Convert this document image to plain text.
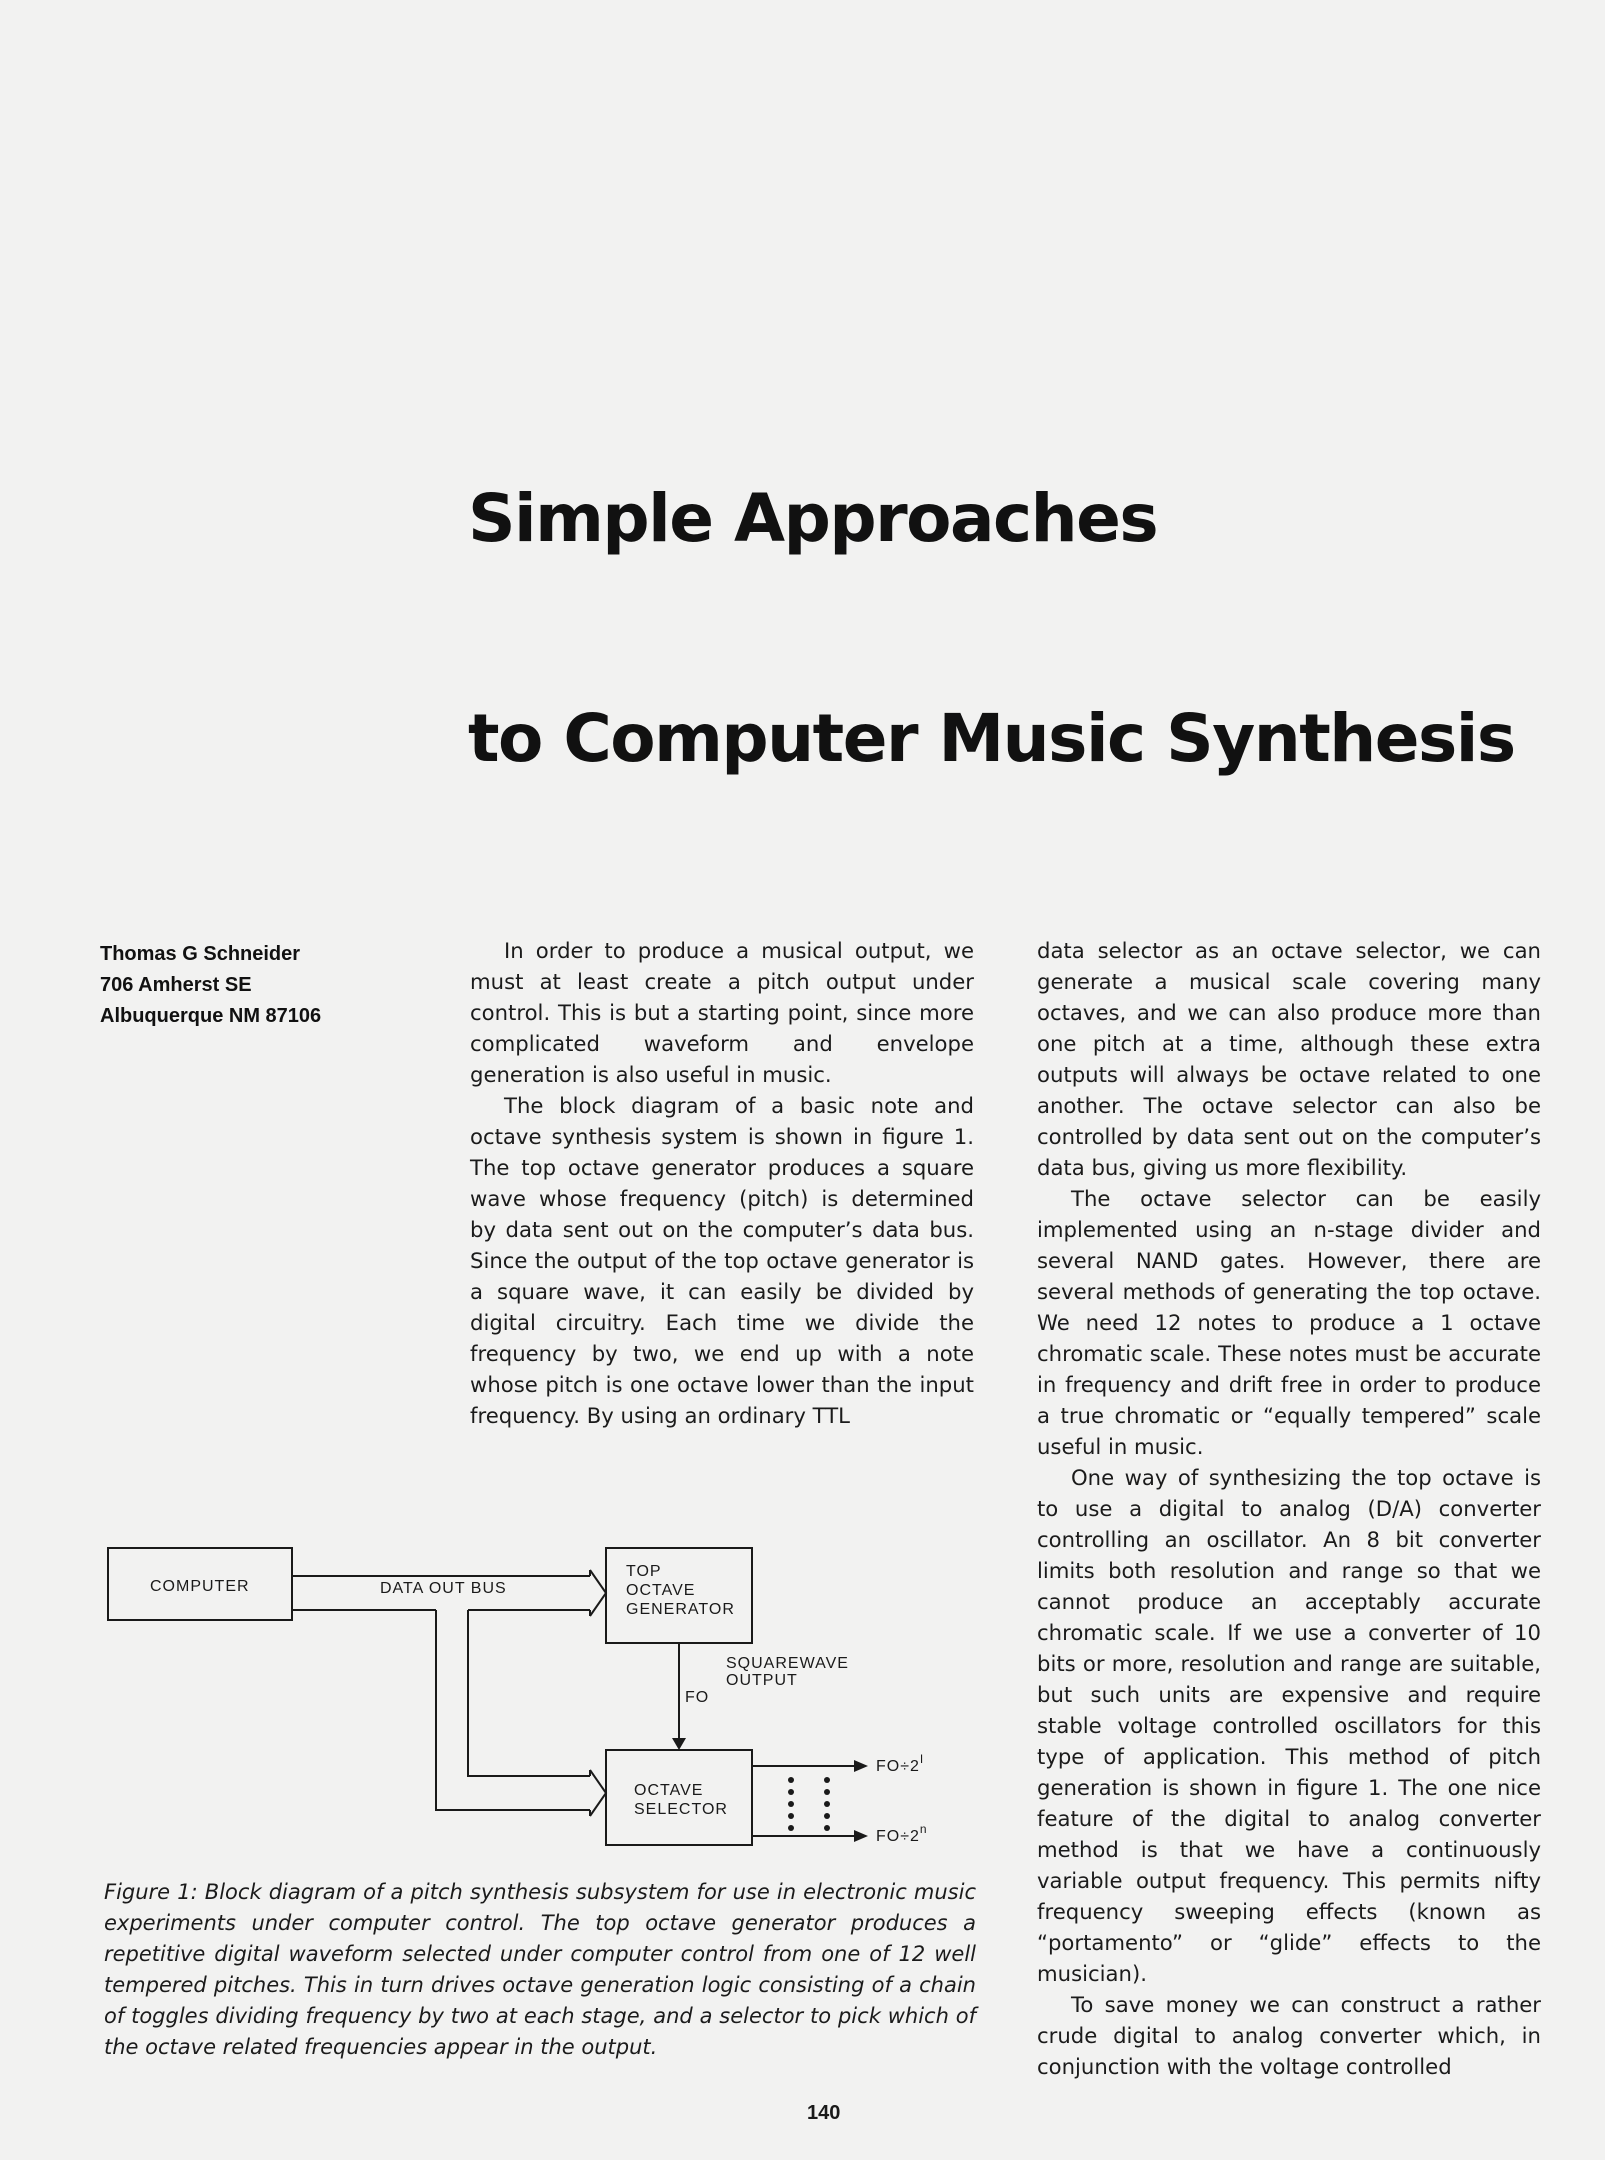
Simple Approaches
to Computer Music Synthesis
Thomas G Schneider
706 Amherst SE
Albuquerque NM 87106

In order to produce a musical output, we must at least create a pitch output under control. This is but a starting point, since more complicated waveform and envelope generation is also useful in music.

The block diagram of a basic note and octave synthesis system is shown in figure 1. The top octave generator produces a square wave whose frequency (pitch) is determined by data sent out on the computer’s data bus. Since the output of the top octave generator is a square wave, it can easily be divided by digital circuitry. Each time we divide the frequency by two, we end up with a note whose pitch is one octave lower than the input frequency. By using an ordinary TTL

data selector as an octave selector, we can generate a musical scale covering many octaves, and we can also produce more than one pitch at a time, although these extra outputs will always be octave related to one another. The octave selector can also be controlled by data sent out on the computer’s data bus, giving us more flexibility.

The octave selector can be easily implemented using an n-stage divider and several NAND gates. However, there are several methods of generating the top octave. We need 12 notes to produce a 1 octave chromatic scale. These notes must be accurate in frequency and drift free in order to produce a true chromatic or “equally tempered” scale useful in music.

One way of synthesizing the top octave is to use a digital to analog (D/A) converter controlling an oscillator. An 8 bit converter limits both resolution and range so that we cannot produce an acceptably accurate chromatic scale. If we use a converter of 10 bits or more, resolution and range are suitable, but such units are expensive and require stable voltage controlled oscillators for this type of application. This method of pitch generation is shown in figure 1. The one nice feature of the digital to analog converter method is that we have a continuously variable output frequency. This permits nifty frequency sweeping effects (known as “portamento” or “glide” effects to the musician).

To save money we can construct a rather crude digital to analog converter which, in conjunction with the voltage controlled

COMPUTER	DATA OUT BUS
TOP
OCTAVE
GENERATOR
SQUAREWAVE
OUTPUT
FO
OCTAVE
SELECTOR
$FO\div 2^I$
$FO\div 2^n$

Figure 1: Block diagram of a pitch synthesis subsystem for use in electronic music experiments under computer control. The top octave generator produces a repetitive digital waveform selected under computer control from one of 12 well tempered pitches. This in turn drives octave generation logic consisting of a chain of toggles dividing frequency by two at each stage, and a selector to pick which of the octave related frequencies appear in the output.

140
